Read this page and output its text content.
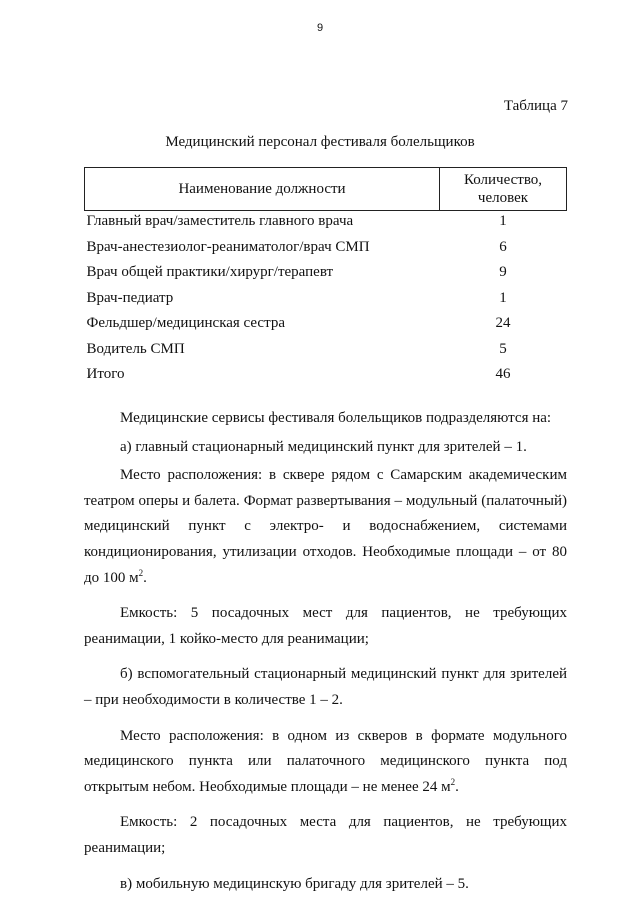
9
Таблица 7
Медицинский персонал фестиваля болельщиков
Наименование должности	Количество, человек
Главный врач/заместитель главного врача	1
Врач-анестезиолог-реаниматолог/врач СМП	6
Врач общей практики/хирург/терапевт	9
Врач-педиатр	1
Фельдшер/медицинская сестра	24
Водитель СМП	5
Итого	46

Медицинские сервисы фестиваля болельщиков подразделяются на:

а) главный стационарный медицинский пункт для зрителей – 1.

Место расположения: в сквере рядом с Самарским академическим театром оперы и балета. Формат развертывания – модульный (палаточный) медицинский пункт с электро- и водоснабжением, системами кондиционирования, утилизации отходов. Необходимые площади – от 80 до 100 $м^2$.

Емкость: 5 посадочных мест для пациентов, не требующих реанимации, 1 койко-место для реанимации;

б) вспомогательный стационарный медицинский пункт для зрителей – при необходимости в количестве 1 – 2.

Место расположения: в одном из скверов в формате модульного медицинского пункта или палаточного медицинского пункта под открытым небом. Необходимые площади – не менее 24 $м^2$.

Емкость: 2 посадочных места для пациентов, не требующих реанимации;

в) мобильную медицинскую бригаду для зрителей – 5.
